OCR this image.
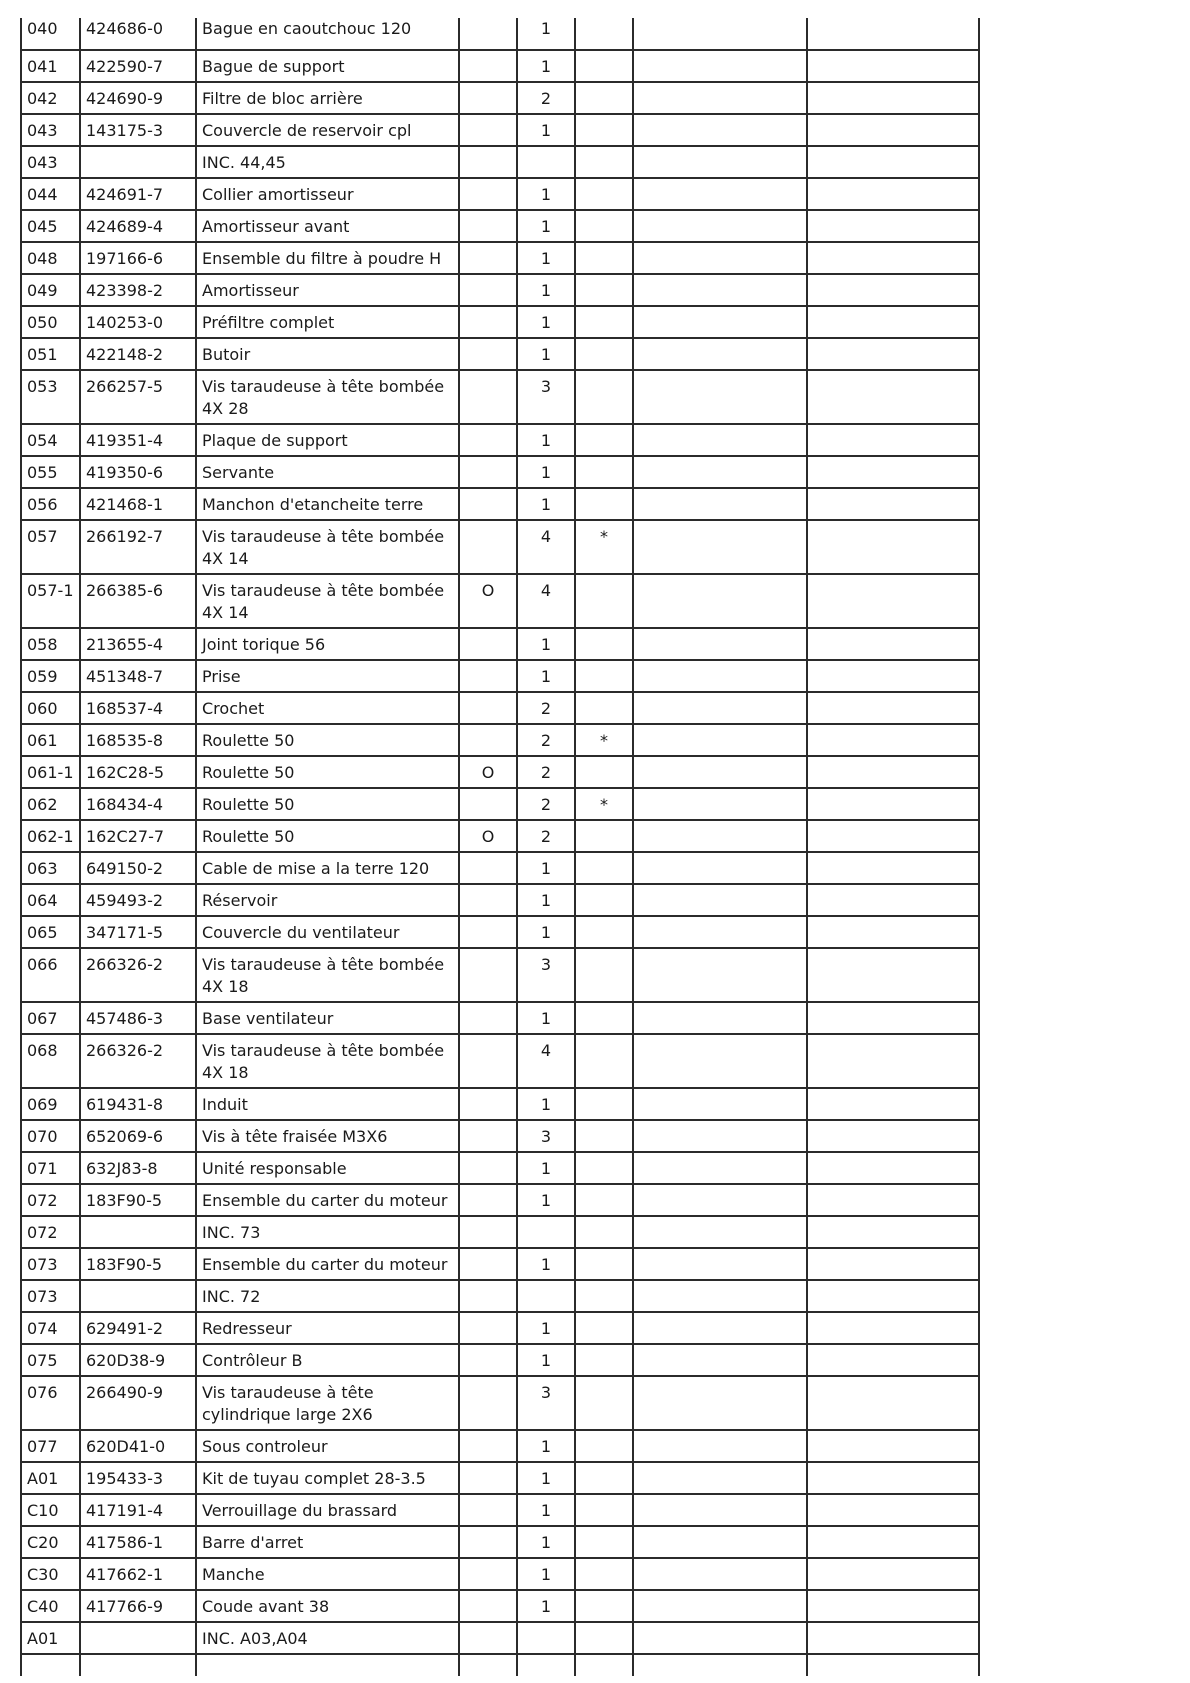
040	424686-0	Bague en caoutchouc 120		1			
041	422590-7	Bague de support		1			
042	424690-9	Filtre de bloc arrière		2			
043	143175-3	Couvercle de reservoir cpl		1			
043		INC. 44,45					
044	424691-7	Collier amortisseur		1			
045	424689-4	Amortisseur avant		1			
048	197166-6	Ensemble du filtre à poudre H		1			
049	423398-2	Amortisseur		1			
050	140253-0	Préfiltre complet		1			
051	422148-2	Butoir		1			
053	266257-5	Vis taraudeuse à tête bombée 4X 28		3			
054	419351-4	Plaque de support		1			
055	419350-6	Servante		1			
056	421468-1	Manchon d'etancheite terre		1			
057	266192-7	Vis taraudeuse à tête bombée 4X 14		4	*		
057-1	266385-6	Vis taraudeuse à tête bombée 4X 14	O	4			
058	213655-4	Joint torique 56		1			
059	451348-7	Prise		1			
060	168537-4	Crochet		2			
061	168535-8	Roulette 50		2	*		
061-1	162C28-5	Roulette 50	O	2			
062	168434-4	Roulette 50		2	*		
062-1	162C27-7	Roulette 50	O	2			
063	649150-2	Cable de mise a la terre 120		1			
064	459493-2	Réservoir		1			
065	347171-5	Couvercle du ventilateur		1			
066	266326-2	Vis taraudeuse à tête bombée 4X 18		3			
067	457486-3	Base ventilateur		1			
068	266326-2	Vis taraudeuse à tête bombée 4X 18		4			
069	619431-8	Induit		1			
070	652069-6	Vis à tête fraisée M3X6		3			
071	632J83-8	Unité responsable		1			
072	183F90-5	Ensemble du carter du moteur		1			
072		INC. 73					
073	183F90-5	Ensemble du carter du moteur		1			
073		INC. 72					
074	629491-2	Redresseur		1			
075	620D38-9	Contrôleur B		1			
076	266490-9	Vis taraudeuse à tête cylindrique large 2X6		3			
077	620D41-0	Sous controleur		1			
A01	195433-3	Kit de tuyau complet 28-3.5		1			
C10	417191-4	Verrouillage du brassard		1			
C20	417586-1	Barre d'arret		1			
C30	417662-1	Manche		1			
C40	417766-9	Coude avant 38		1			
A01		INC. A03,A04					
